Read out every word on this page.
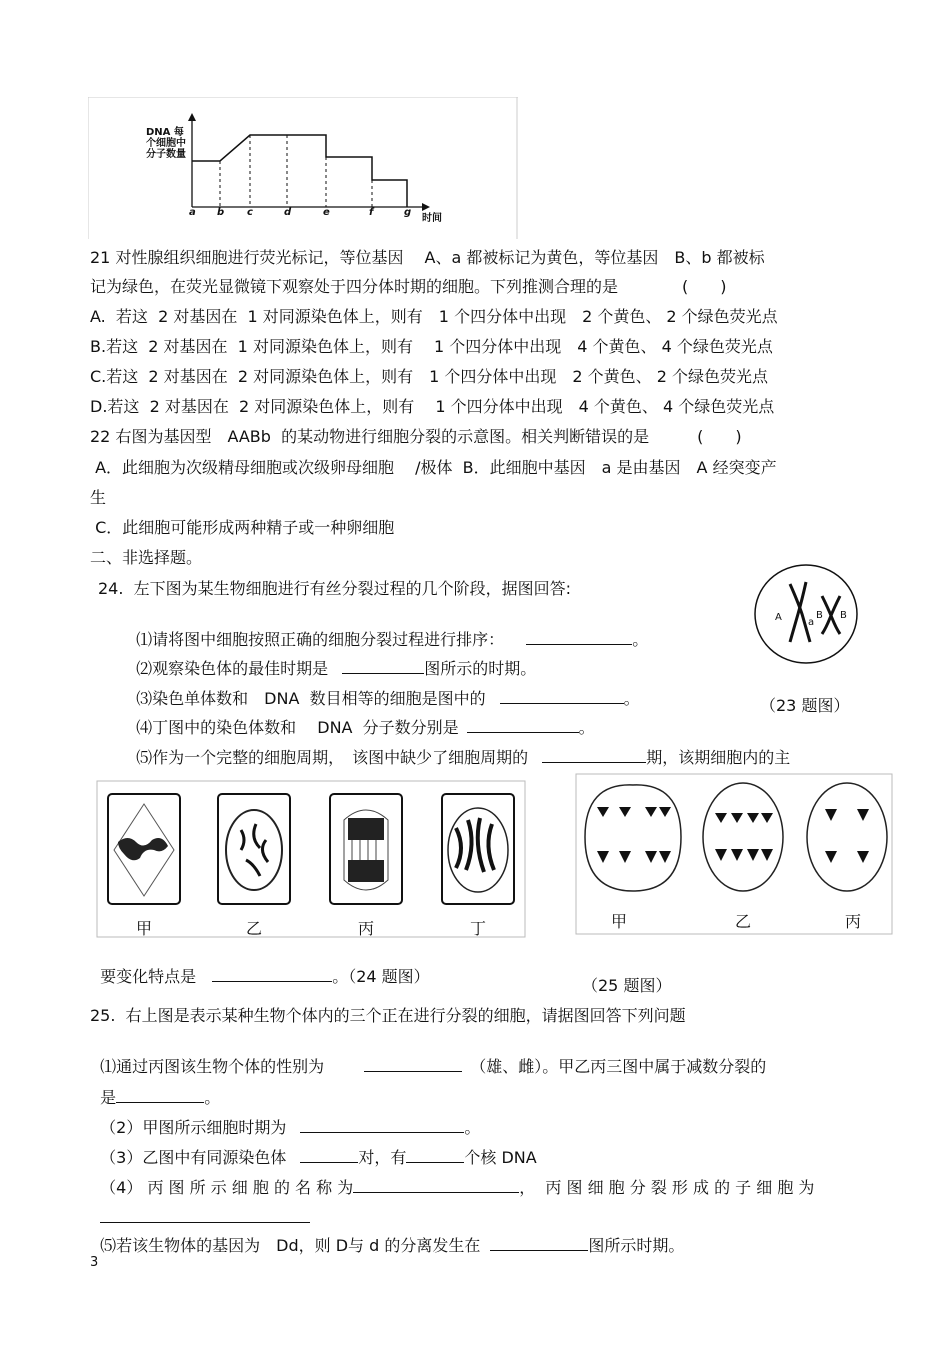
DNA 每个细胞中分子数量
a b c	d	e	f	g
时间
21 对性腺组织细胞进行荧光标记，等位基因　 A、a 都被标记为黄色，等位基因　B、b 都被标
记为绿色，在荧光显微镜下观察处于四分体时期的细胞。下列推测合理的是　　　　(　　)
A.  若这  2 对基因在  1 对同源染色体上，则有　1 个四分体中出现　2 个黄色、 2 个绿色荧光点
B.若这  2 对基因在  1 对同源染色体上，则有　 1 个四分体中出现　4 个黄色、 4 个绿色荧光点
C.若这  2 对基因在  2 对同源染色体上，则有　1 个四分体中出现　2 个黄色、 2 个绿色荧光点
D.若这  2 对基因在  2 对同源染色体上，则有　 1 个四分体中出现　4 个黄色、 4 个绿色荧光点
22 右图为基因型　AABb  的某动物进行细胞分裂的示意图。相关判断错误的是　　　(　　)
A．此细胞为次级精母细胞或次级卵母细胞　 /极体  B．此细胞中基因　a 是由基因　A 经突变产
生
C．此细胞可能形成两种精子或一种卵细胞
二、非选择题。
A	a
B B
24.  左下图为某生物细胞进行有丝分裂过程的几个阶段，据图回答:

⑴请将图中细胞按照正确的细胞分裂过程进行排序：	。

⑵观察染色体的最佳时期是	图所示的时期。

⑶染色单体数和　DNA  数目相等的细胞是图中的	。

⑷丁图中的染色体数和　 DNA  分子数分别是	。

（23 题图）

⑸作为一个完整的细胞周期，　该图中缺少了细胞周期的	期，该期细胞内的主

甲	乙	丙	丁	甲	乙	丙

要变化特点是	。（24 题图）	（25 题图）
25.  右上图是表示某种生物个体内的三个正在进行分裂的细胞，请据图回答下列问题

⑴通过丙图该生物个体的性别为	（雄、雌）。甲乙丙三图中属于减数分裂的

是	。

（2）甲图所示细胞时期为	。

（3）乙图中有同源染色体	对，有	个核 DNA

（4） 丙 图 所 示 细 胞 的 名 称 为	，  丙 图 细 胞 分 裂 形 成 的 子 细 胞 为

⑸若该生物体的基因为　Dd，则 D与 d 的分离发生在	图所示时期。

3
